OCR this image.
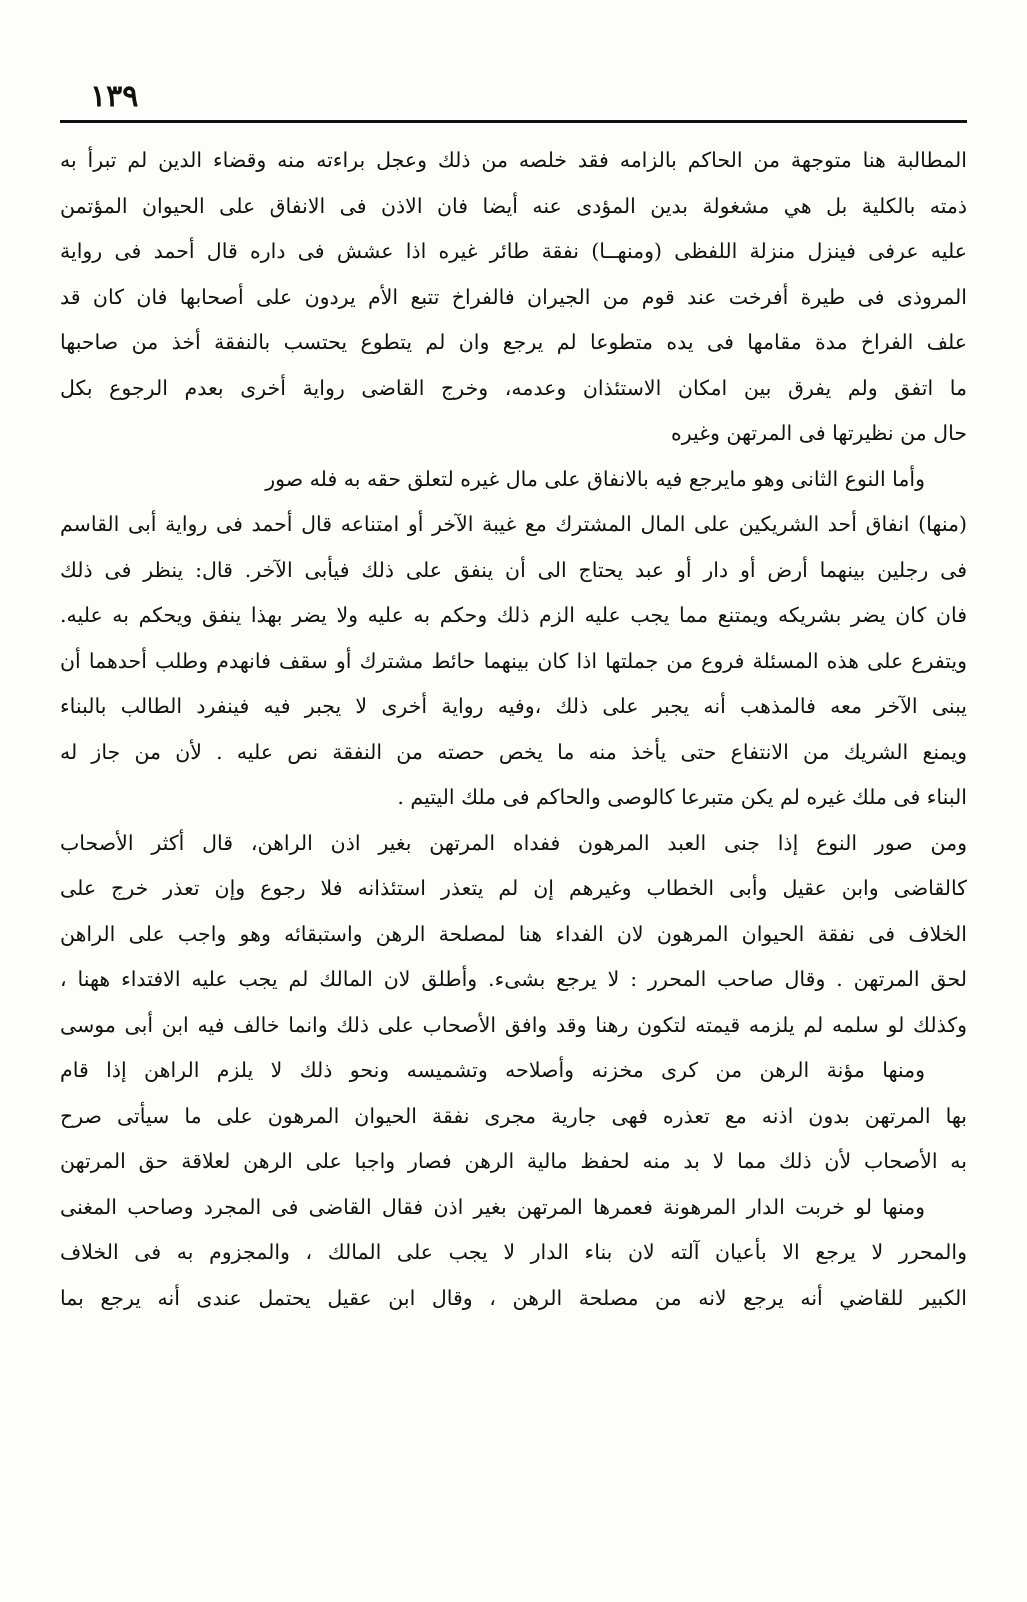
١٣٩
المطالبة هنا متوجهة من الحاكم بالزامه فقد خلصه من ذلك وعجل براءته منه وقضاء الدين لم تبرأ به
ذمته بالكلية بل هي مشغولة بدين المؤدى عنه أيضا فان الاذن فى الانفاق على الحيوان المؤتمن
عليه عرفى فينزل منزلة اللفظى (ومنهــا) نفقة طائر غيره اذا عشش فى داره قال أحمد فى رواية
المروذى فى طيرة أفرخت عند قوم من الجيران فالفراخ تتبع الأم يردون على أصحابها فان كان قد
علف الفراخ مدة مقامها فى يده متطوعا لم يرجع وان لم يتطوع يحتسب بالنفقة أخذ من صاحبها
ما اتفق ولم يفرق بين امكان الاستئذان وعدمه، وخرج القاضى رواية أخرى بعدم الرجوع بكل
حال من نظيرتها فى المرتهن وغيره
وأما النوع الثانى وهو مايرجع فيه بالانفاق على مال غيره لتعلق حقه به فله صور
(منها) انفاق أحد الشريكين على المال المشترك مع غيبة الآخر أو امتناعه قال أحمد فى رواية أبى القاسم
فى رجلين بينهما أرض أو دار أو عبد يحتاج الى أن ينفق على ذلك فيأبى الآخر. قال: ينظر فى ذلك
فان كان يضر بشريكه ويمتنع مما يجب عليه الزم ذلك وحكم به عليه ولا يضر بهذا ينفق ويحكم به عليه.
ويتفرع على هذه المسئلة فروع من جملتها اذا كان بينهما حائط مشترك أو سقف فانهدم وطلب أحدهما أن
يبنى الآخر معه فالمذهب أنه يجبر على ذلك ،وفيه رواية أخرى لا يجبر فيه فينفرد الطالب بالبناء
ويمنع الشريك من الانتفاع حتى يأخذ منه ما يخص حصته من النفقة نص عليه . لأن من جاز له
البناء فى ملك غيره لم يكن متبرعا كالوصى والحاكم فى ملك اليتيم .
ومن صور النوع إذا جنى العبد المرهون ففداه المرتهن بغير اذن الراهن، قال أكثر الأصحاب
كالقاضى وابن عقيل وأبى الخطاب وغيرهم إن لم يتعذر استئذانه فلا رجوع وإن تعذر خرج على
الخلاف فى نفقة الحيوان المرهون لان الفداء هنا لمصلحة الرهن واستبقائه وهو واجب على الراهن
لحق المرتهن . وقال صاحب المحرر : لا يرجع بشىء. وأطلق لان المالك لم يجب عليه الافتداء ههنا ،
وكذلك لو سلمه لم يلزمه قيمته لتكون رهنا وقد وافق الأصحاب على ذلك وانما خالف فيه ابن أبى موسى
ومنها مؤنة الرهن من كرى مخزنه وأصلاحه وتشميسه ونحو ذلك لا يلزم الراهن إذا قام
بها المرتهن بدون اذنه مع تعذره فهى جارية مجرى نفقة الحيوان المرهون على ما سيأتى صرح
به الأصحاب لأن ذلك مما لا بد منه لحفظ مالية الرهن فصار واجبا على الرهن لعلاقة حق المرتهن
ومنها لو خربت الدار المرهونة فعمرها المرتهن بغير اذن فقال القاضى فى المجرد وصاحب المغنى
والمحرر لا يرجع الا بأعيان آلته لان بناء الدار لا يجب على المالك ، والمجزوم به فى الخلاف
الكبير للقاضي أنه يرجع لانه من مصلحة الرهن ، وقال ابن عقيل يحتمل عندى أنه يرجع بما
